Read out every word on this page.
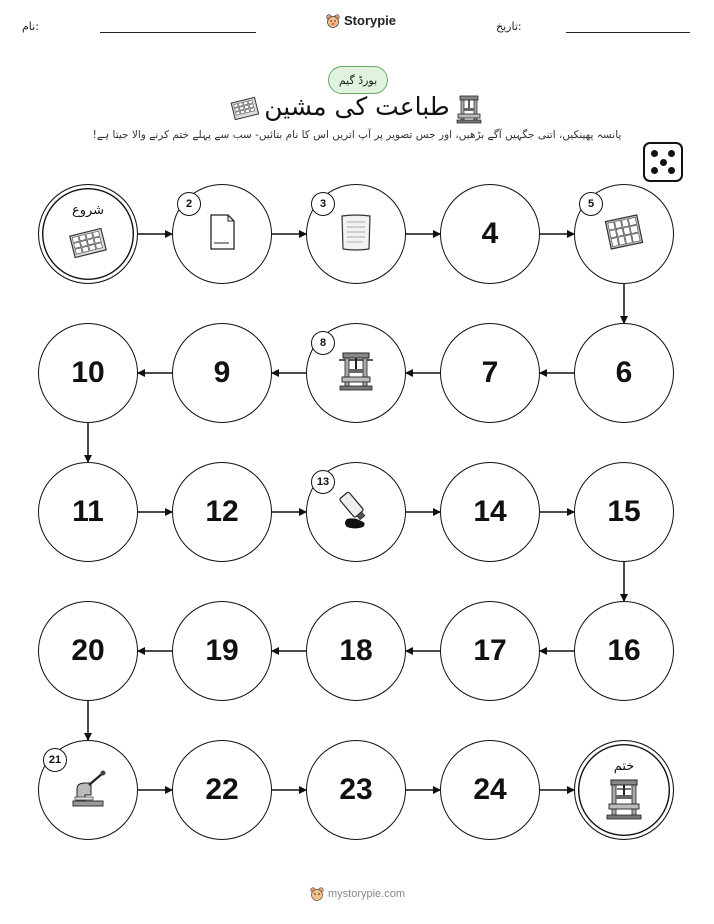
نام:	Storypie	تاریخ:
بورڈ گیم
طباعت کی مشین
پانسہ پھینکیں، اتنی جگہیں آگے بڑھیں، اور جس تصویر پر آپ اتریں اس کا نام بتائیں- سب سے پہلے ختم کرنے والا جیتا ہے!
شروع	2	3
4
5
6
7
8
9
10
11	12
13
14	15
16
17
18
19
20
21
22	23	24
ختم
mystorypie.com
